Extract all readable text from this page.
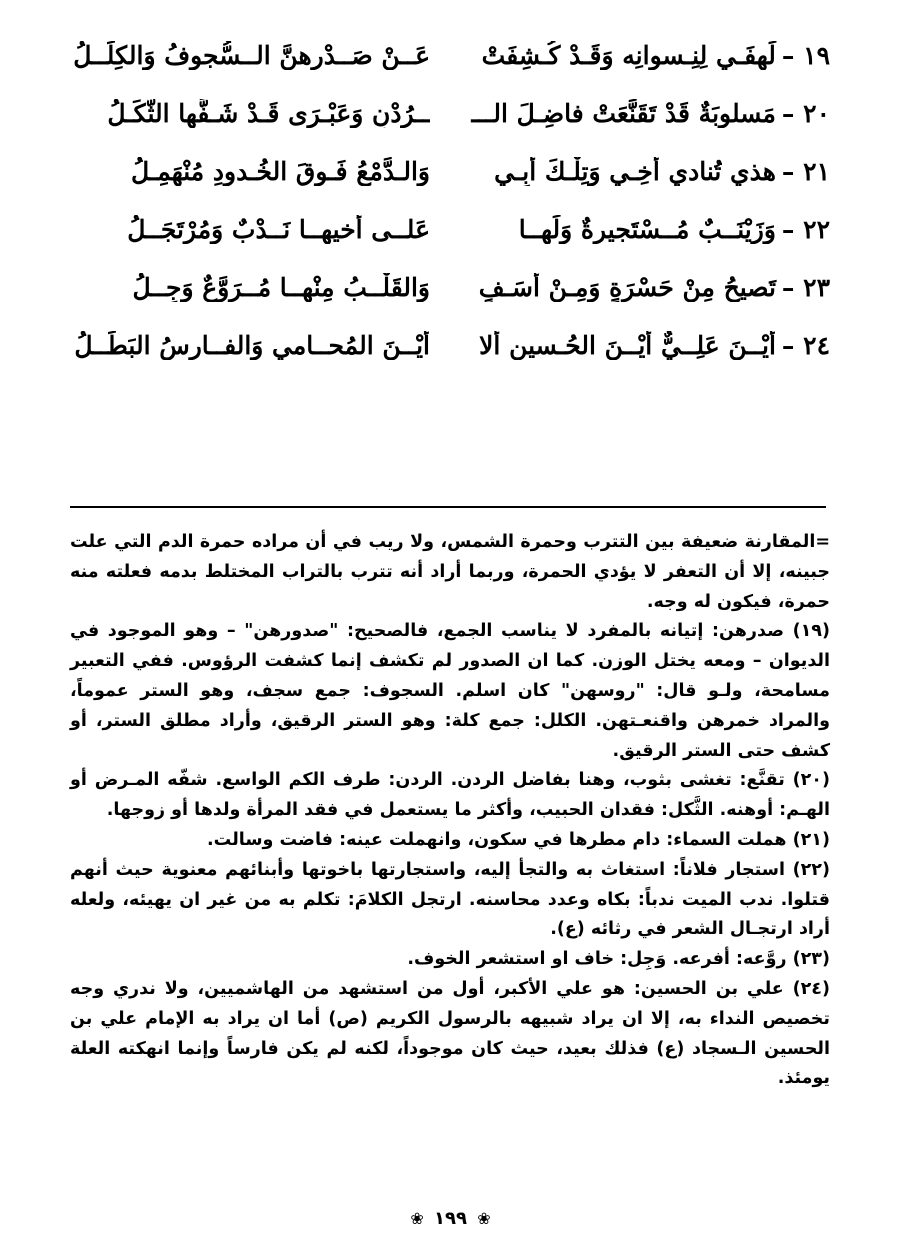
١٩ –لَهفَـي لِنِـسوانِه وَقَـدْ كُـشِفَتْ
عَــنْ صَــدْرِهنَّ الــسُّجوفُ وَالكِلَــلُ
٢٠ –مَسلوبَةٌ قَدْ تَقَنَّعَتْ فاضِـلَ الـــ
ــرُدْنِ وَعَبْـرَى قَـدْ شَـفَّها الثَّكَـلُ
٢١ –هذي تُنادي أَخِـي وَتِلْـكَ أَبِـي
وَالـدَّمْعُ فَـوقَ الخُـدودِ مُنْهَمِـلُ
٢٢ –وَزَيْنَــبٌ مُــسْتَجيرةٌ وَلَهــا
عَلــى أَخيهــا نَــدْبٌ وَمُرْتَجَــلُ
٢٣ –تَصيحُ مِنْ حَسْرَةٍ وَمِـنْ أَسَـفٍ
وَالقَلْــبُ مِنْهــا مُــرَوَّعٌ وَجِــلُ
٢٤ –أَيْــنَ عَلِــيٌّ أَيْــنَ الحُـسينِ أَلا
أَيْــنَ المُحــامي وَالفــارِسُ البَطَــلُ

=المقارنة ضعيفة بين التترب وحمرة الشمس، ولا ريب في أن مراده حمرة الدم التي علت جبينه، إلا أن التعفر لا يؤدي الحمرة، وربما أراد أنه تترب بالتراب المختلط بدمه فعلته منه حمرة، فيكون له وجه.

(١٩) صدرهن: إتيانه بالمفرد لا يناسب الجمع، فالصحيح: "صدورهن" – وهو الموجود في الديوان – ومعه يختل الوزن. كما ان الصدور لم تكشف إنما كشفت الرؤوس. ففي التعبير مسامحة، ولـو قال: "روسهن" كان اسلم. السجوف: جمع سجف، وهو الستر عموماً، والمراد خمرهن واقنعـتهن. الكلل: جمع كلة: وهو الستر الرقيق، وأراد مطلق الستر، أو كشف حتى الستر الرقيق.

(٢٠) تقنَّع: تغشى بثوب، وهنا بفاضل الردن. الردن: طرف الكم الواسع. شفّه المـرض أو الهـم: أوهنه. الثَّكل: فقدان الحبيب، وأكثر ما يستعمل في فقد المرأة ولدها أو زوجها.

(٢١) هملت السماء: دام مطرها في سكون، وانهملت عينه: فاضت وسالت.

(٢٢) استجار فلاناً: استغاث به والتجأ إليه، واستجارتها باخوتها وأبنائهم معنوية حيث أنهم قتلوا. ندب الميت ندباً: بكاه وعدد محاسنه. ارتجل الكلامَ: تكلم به من غير ان يهيئه، ولعله أراد ارتجـال الشعر في رثائه (ع).

(٢٣) روَّعه: أفرعه. وَجِل: خاف او استشعر الخوف.

(٢٤) علي بن الحسين: هو علي الأكبر، أول من استشهد من الهاشميين، ولا ندري وجه تخصيص النداء به، إلا ان يراد شبيهه بالرسول الكريم (ص) أما ان يراد به الإمام علي بن الحسين الـسجاد (ع) فذلك بعيد، حيث كان موجوداً، لكنه لم يكن فارساً وإنما انهكته العلة يومئذ.

❀ ١٩٩ ❀
